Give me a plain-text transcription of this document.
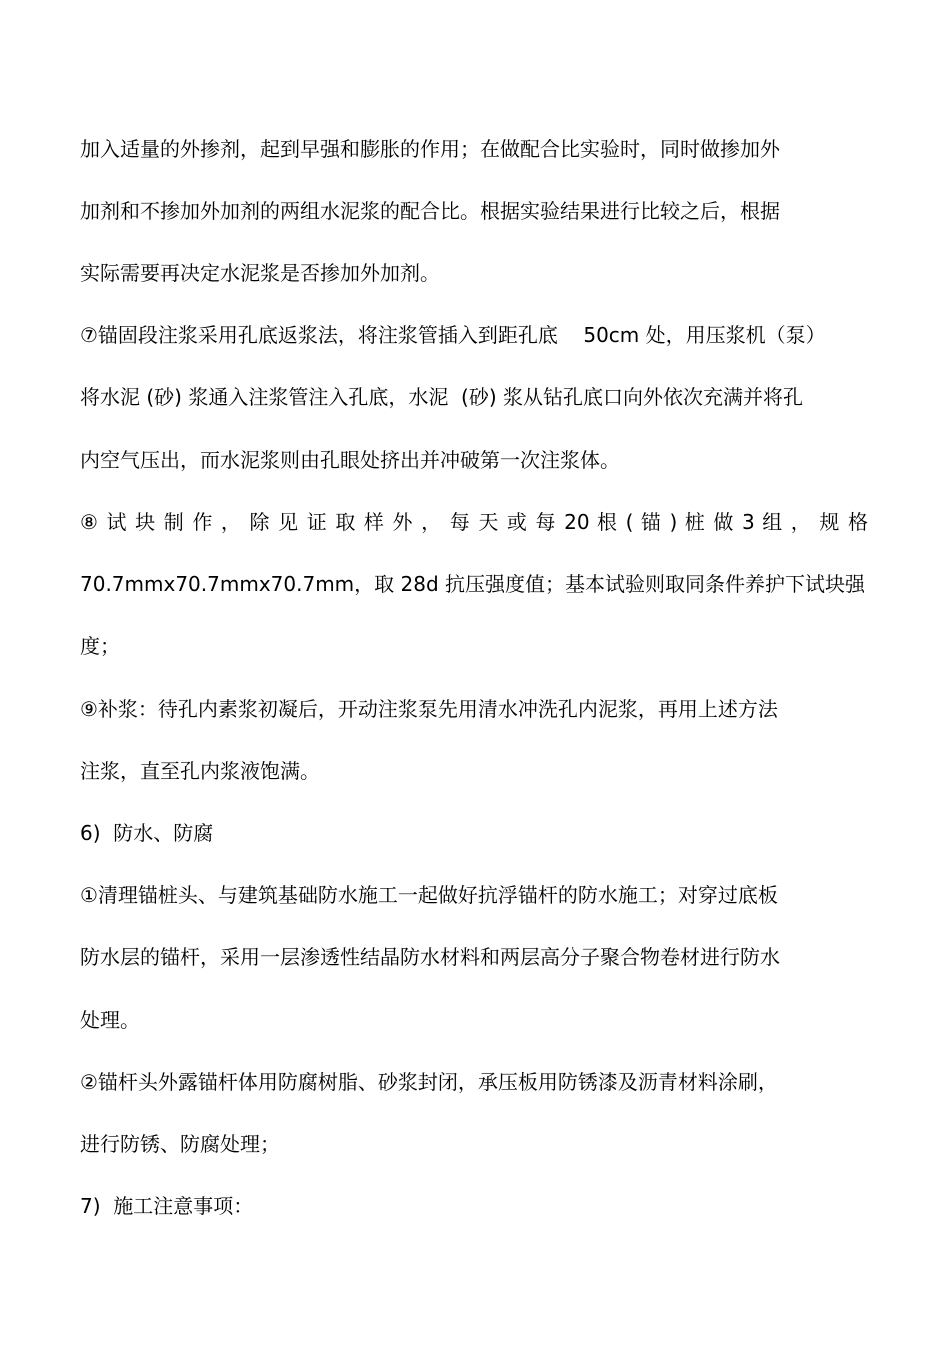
加入适量的外掺剂，起到早强和膨胀的作用；在做配合比实验时，同时做掺加外
加剂和不掺加外加剂的两组水泥浆的配合比。根据实验结果进行比较之后，根据
实际需要再决定水泥浆是否掺加外加剂。
⑦锚固段注浆采用孔底返浆法，将注浆管插入到距孔底    50cm 处，用压浆机（泵）
将水泥 (砂) 浆通入注浆管注入孔底，水泥  (砂) 浆从钻孔底口向外依次充满并将孔
内空气压出，而水泥浆则由孔眼处挤出并冲破第一次注浆体。
⑧ 试 块 制 作 ， 除 见 证 取 样 外 ， 每 天 或 每 20 根 ( 锚 ) 桩 做 3 组 ， 规 格
70.7mmx70.7mmx70.7mm，取 28d 抗压强度值；基本试验则取同条件养护下试块强
度；
⑨补浆：待孔内素浆初凝后，开动注浆泵先用清水冲洗孔内泥浆，再用上述方法
注浆，直至孔内浆液饱满。
6)  防水、防腐
①清理锚桩头、与建筑基础防水施工一起做好抗浮锚杆的防水施工；对穿过底板
防水层的锚杆，采用一层渗透性结晶防水材料和两层高分子聚合物卷材进行防水
处理。
②锚杆头外露锚杆体用防腐树脂、砂浆封闭，承压板用防锈漆及沥青材料涂刷，
进行防锈、防腐处理；
7)  施工注意事项：
